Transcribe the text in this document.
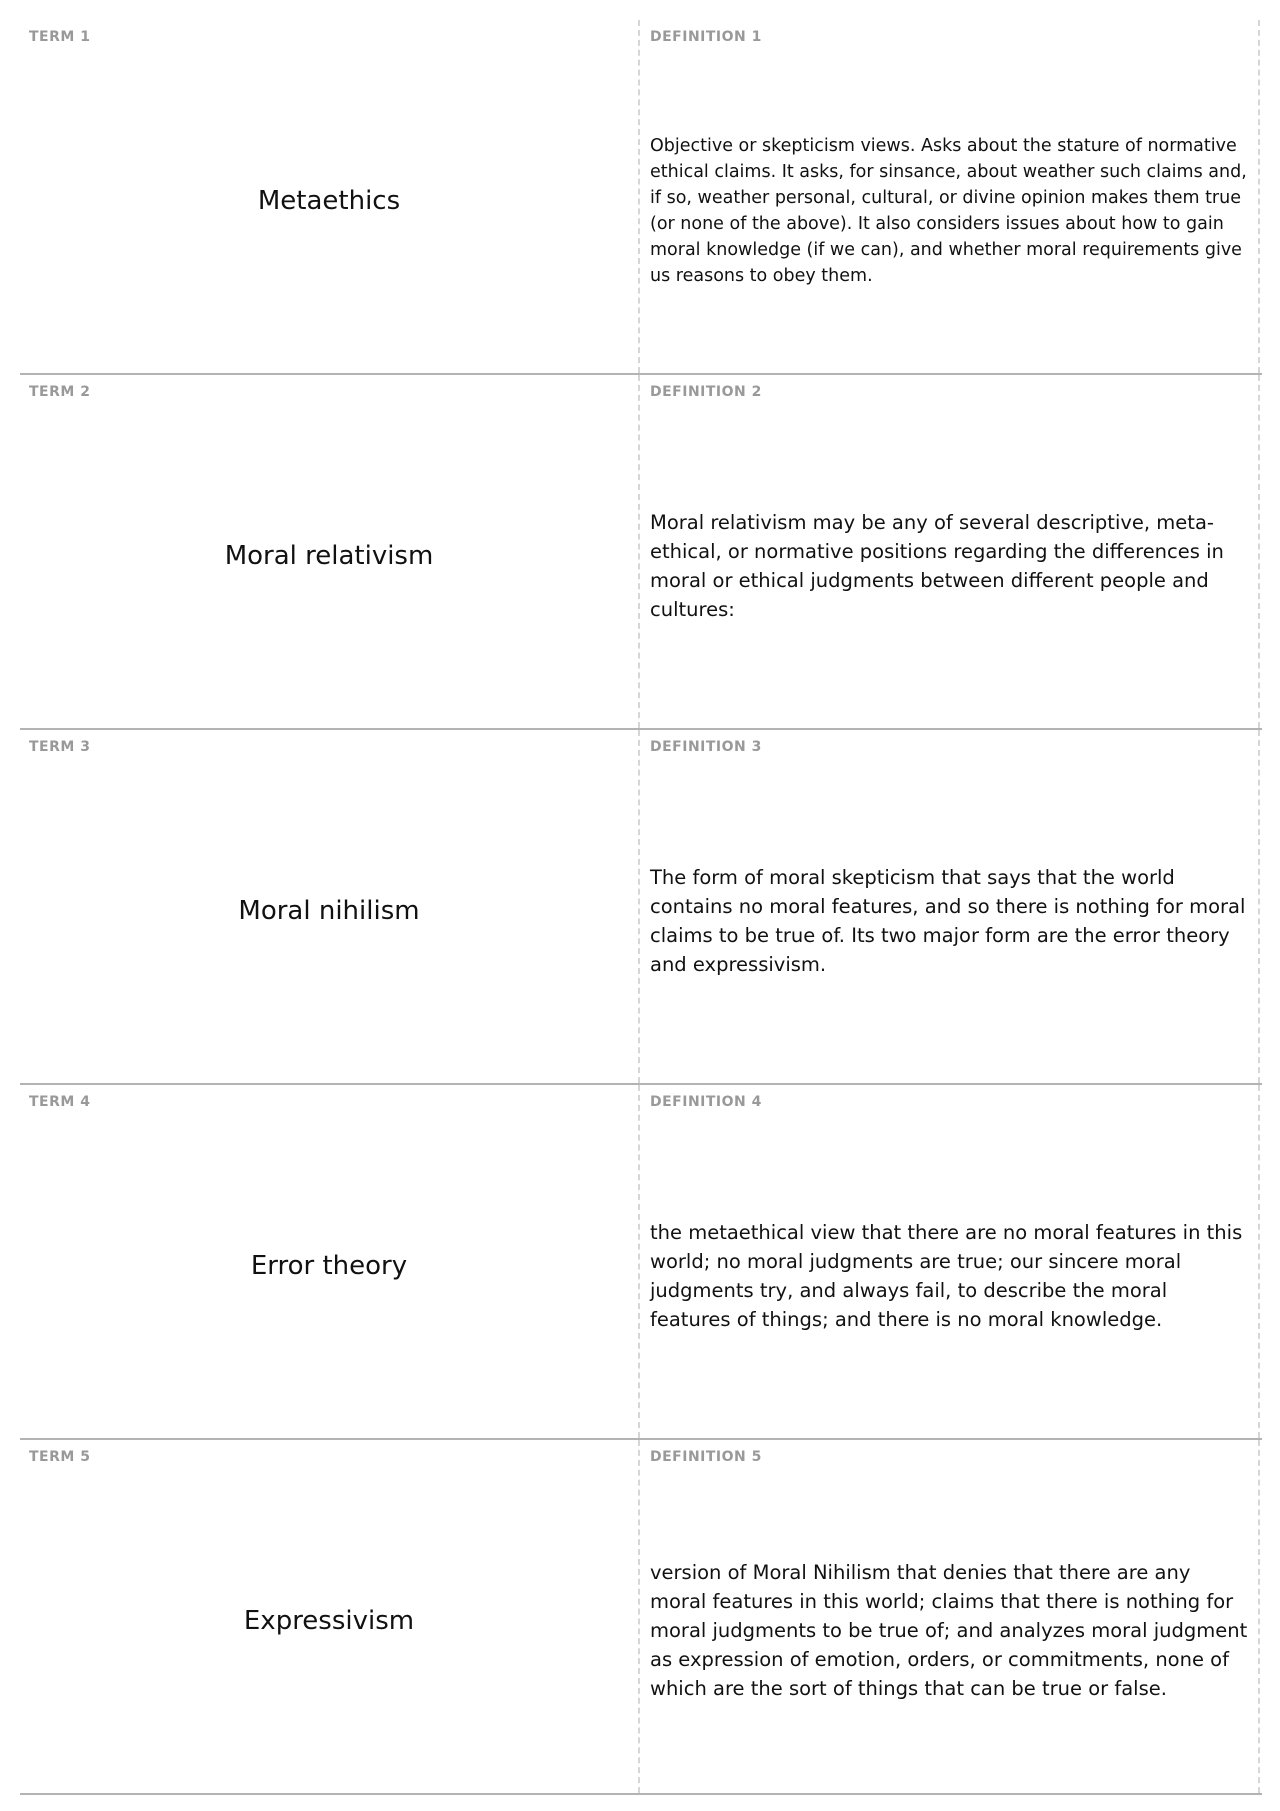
TERM 1
Metaethics
DEFINITION 1
Objective or skepticism views. Asks about the stature of normative ethical claims. It asks, for sinsance, about weather such claims and, if so, weather personal, cultural, or divine opinion makes them true (or none of the above). It also considers issues about how to gain moral knowledge (if we can), and whether moral requirements give us reasons to obey them.
TERM 2
Moral relativism
DEFINITION 2
Moral relativism may be any of several descriptive, meta-ethical, or normative positions regarding the differences in moral or ethical judgments between different people and cultures:
TERM 3
Moral nihilism
DEFINITION 3
The form of moral skepticism that says that the world contains no moral features, and so there is nothing for moral claims to be true of. Its two major form are the error theory and expressivism.
TERM 4
Error theory
DEFINITION 4
the metaethical view that there are no moral features in this world; no moral judgments are true; our sincere moral judgments try, and always fail, to describe the moral features of things; and there is no moral knowledge.
TERM 5
Expressivism
DEFINITION 5
version of Moral Nihilism that denies that there are any moral features in this world; claims that there is nothing for moral judgments to be true of; and analyzes moral judgment as expression of emotion, orders, or commitments, none of which are the sort of things that can be true or false.
